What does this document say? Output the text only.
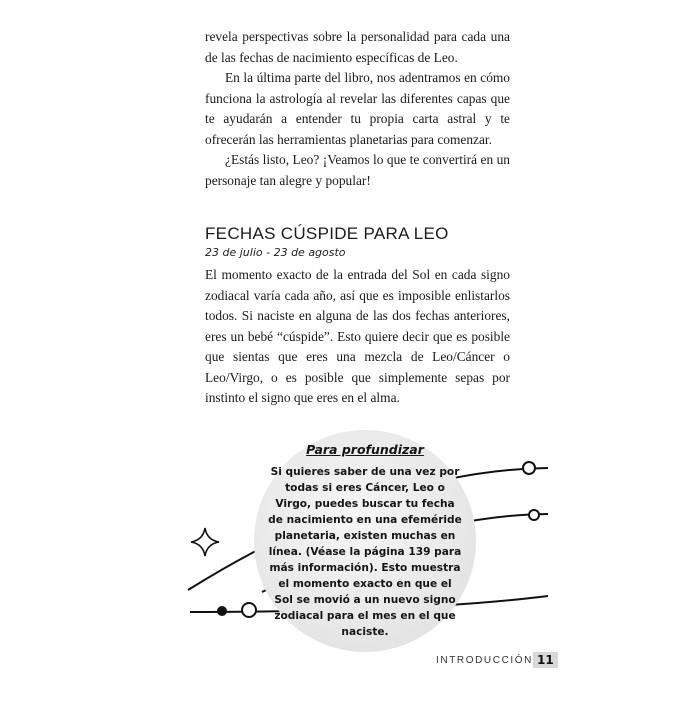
revela perspectivas sobre la personalidad para cada una de las fechas de nacimiento específicas de Leo.

En la última parte del libro, nos adentramos en cómo funciona la astrología al revelar las diferentes capas que te ayudarán a entender tu propia carta astral y te ofrecerán las herramientas planetarias para comenzar.

¿Estás listo, Leo? ¡Veamos lo que te convertirá en un personaje tan alegre y popular!

FECHAS CÚSPIDE PARA LEO
23 de julio - 23 de agosto

El momento exacto de la entrada del Sol en cada signo zodiacal varía cada año, así que es imposible enlistarlos todos. Si naciste en alguna de las dos fechas anteriores, eres un bebé “cúspide”. Esto quiere decir que es posible que sientas que eres una mezcla de Leo/Cáncer o Leo/Virgo, o es posible que simplemente sepas por instinto el signo que eres en el alma.

Para profundizar

Si quieres saber de una vez por todas si eres Cáncer, Leo o Virgo, puedes buscar tu fecha de nacimiento en una efeméride planetaria, existen muchas en línea. (Véase la página 139 para más información). Esto muestra el momento exacto en que el Sol se movió a un nuevo signo zodiacal para el mes en el que naciste.

INTRODUCCIÓN 11
